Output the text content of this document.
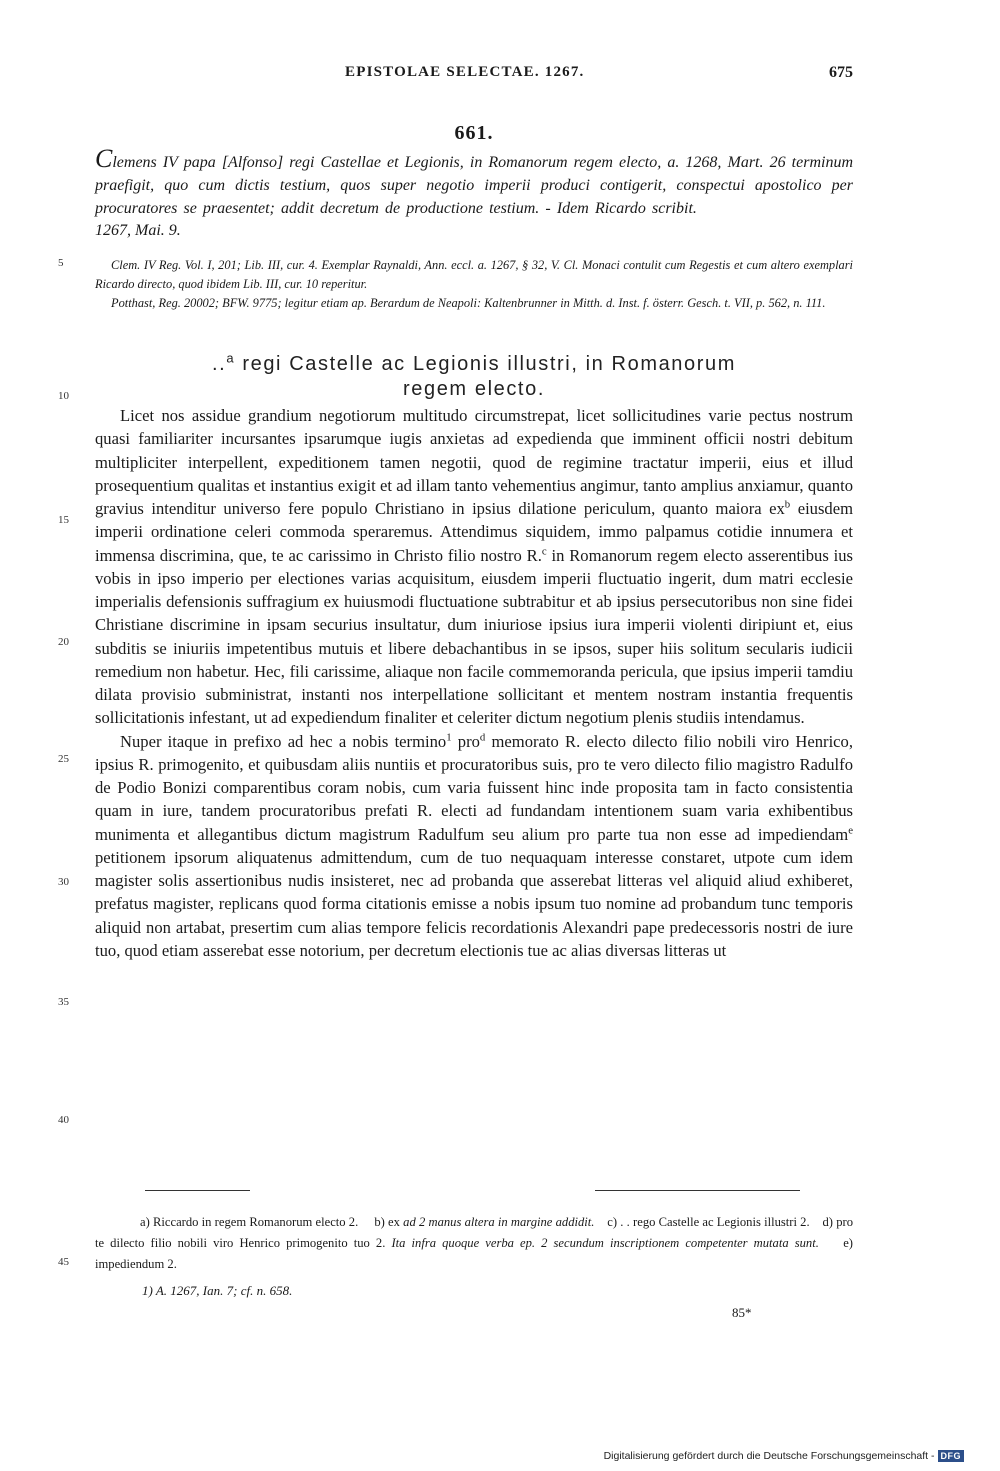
EPISTOLAE SELECTAE. 1267.	675
661.
Clemens IV papa [Alfonso] regi Castellae et Legionis, in Romanorum regem electo, a. 1268, Mart. 26 terminum praefigit, quo cum dictis testium, quos super negotio imperii produci contigerit, conspectui apostolico per procuratores se praesentet; addit decretum de productione testium. - Idem Ricardo scribit. 1267, Mai. 9.

Clem. IV Reg. Vol. I, 201; Lib. III, cur. 4. Exemplar Raynaldi, Ann. eccl. a. 1267, § 32, V. Cl. Monaci contulit cum Regestis et cum altero exemplari Ricardo directo, quod ibidem Lib. III, cur. 10 reperitur.

Potthast, Reg. 20002; BFW. 9775; legitur etiam ap. Berardum de Neapoli: Kaltenbrunner in Mitth. d. Inst. f. österr. Gesch. t. VII, p. 562, n. 111.

..$^a$ regi Castelle ac Legionis illustri, in Romanorum
regem electo.
5
10
15
20
25
30
35
40
45

Licet nos assidue grandium negotiorum multitudo circumstrepat, licet sollicitudines varie pectus nostrum quasi familiariter incursantes ipsarumque iugis anxietas ad expedienda que imminent officii nostri debitum multipliciter interpellent, expeditionem tamen negotii, quod de regimine tractatur imperii, eius et illud prosequentium qualitas et instantius exigit et ad illam tanto vehementius angimur, tanto amplius anxiamur, quanto gravius intenditur universo fere populo Christiano in ipsius dilatione periculum, quanto maiora $ex^b$ eiusdem imperii ordinatione celeri commoda speraremus. Attendimus siquidem, immo palpamus cotidie innumera et immensa discrimina, que, te ac carissimo in Christo filio nostro R.$^c$ in Romanorum regem electo asserentibus ius vobis in ipso imperio per electiones varias acquisitum, eiusdem imperii fluctuatio ingerit, dum matri ecclesie imperialis defensionis suffragium ex huiusmodi fluctuatione subtrabitur et ab ipsius persecutoribus non sine fidei Christiane discrimine in ipsam securius insultatur, dum iniuriose ipsius iura imperii violenti diripiunt et, eius subditis se iniuriis impetentibus mutuis et libere debachantibus in se ipsos, super hiis solitum secularis iudicii remedium non habetur. Hec, fili carissime, aliaque non facile commemoranda pericula, que ipsius imperii tamdiu dilata provisio subministrat, instanti nos interpellatione sollicitant et mentem nostram instantia frequentis sollicitationis infestant, ut ad expediendum finaliter et celeriter dictum negotium plenis studiis intendamus.

Nuper itaque in prefixo ad hec a nobis termino$^1$ pro$^d$ memorato R. electo dilecto filio nobili viro Henrico, ipsius R. primogenito, et quibusdam aliis nuntiis et procuratoribus suis, pro te vero dilecto filio magistro Radulfo de Podio Bonizi comparentibus coram nobis, cum varia fuissent hinc inde proposita tam in facto consistentia quam in iure, tandem procuratoribus prefati R. electi ad fundandam intentionem suam varia exhibentibus munimenta et allegantibus dictum magistrum Radulfum seu alium pro parte tua non esse ad impediendam$^e$ petitionem ipsorum aliquatenus admittendum, cum de tuo nequaquam interesse constaret, utpote cum idem magister solis assertionibus nudis insisteret, nec ad probanda que asserebat litteras vel aliquid aliud exhiberet, prefatus magister, replicans quod forma citationis emisse a nobis ipsum tuo nomine ad probandum tunc temporis aliquid non artabat, presertim cum alias tempore felicis recordationis Alexandri pape predecessoris nostri de iure tuo, quod etiam asserebat esse notorium, per decretum electionis tue ac alias diversas litteras ut

a) Riccardo in regem Romanorum electo 2. b) ex ad 2 manus altera in margine addidit. c) . . rego Castelle ac Legionis illustri 2. d) pro te dilecto filio nobili viro Henrico primogenito tuo 2. Ita infra quoque verba ep. 2 secundum inscriptionem competenter mutata sunt. e) impediendum 2.

1) A. 1267, Ian. 7; cf. n. 658.
85*
Digitalisierung gefördert durch die Deutsche Forschungsgemeinschaft - DFG
